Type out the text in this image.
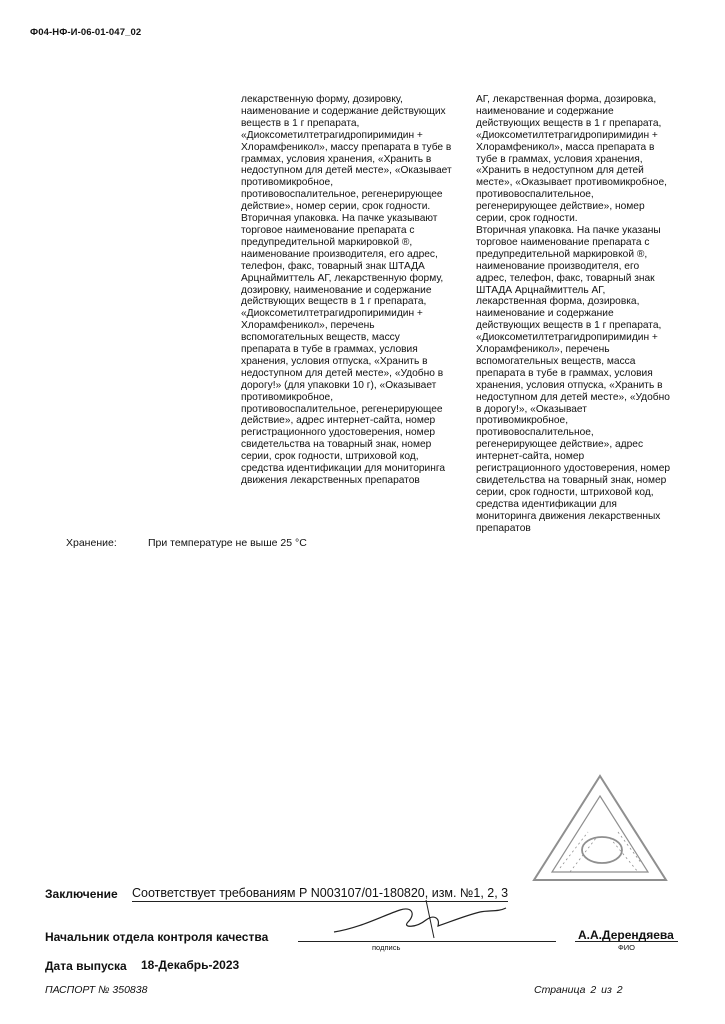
Ф04-НФ-И-06-01-047_02
лекарственную форму, дозировку,
наименование и содержание действующих
веществ в 1 г препарата,
«Диоксометилтетрагидропиримидин +
Хлорамфеникол», массу препарата в тубе в
граммах, условия хранения, «Хранить в
недоступном для детей месте», «Оказывает
противомикробное,
противовоспалительное, регенерирующее
действие», номер серии, срок годности.
Вторичная упаковка. На пачке указывают
торговое наименование препарата с
предупредительной маркировкой ®,
наименование производителя, его адрес,
телефон, факс, товарный знак ШТАДА
Арцнаймиттель АГ, лекарственную форму,
дозировку, наименование и содержание
действующих веществ в 1 г препарата,
«Диоксометилтетрагидропиримидин +
Хлорамфеникол», перечень
вспомогательных веществ, массу
препарата в тубе в граммах, условия
хранения, условия отпуска, «Хранить в
недоступном для детей месте», «Удобно в
дорогу!» (для упаковки 10 г), «Оказывает
противомикробное,
противовоспалительное, регенерирующее
действие», адрес интернет-сайта, номер
регистрационного удостоверения, номер
свидетельства на товарный знак, номер
серии, срок годности, штриховой код,
средства идентификации для мониторинга
движения лекарственных препаратов
АГ, лекарственная форма, дозировка,
наименование и содержание
действующих веществ в 1 г препарата,
«Диоксометилтетрагидропиримидин +
Хлорамфеникол», масса препарата в
тубе в граммах, условия хранения,
«Хранить в недоступном для детей
месте», «Оказывает противомикробное,
противовоспалительное,
регенерирующее действие», номер
серии, срок годности.
Вторичная упаковка. На пачке указаны
торговое наименование препарата с
предупредительной маркировкой ®,
наименование производителя, его
адрес, телефон, факс, товарный знак
ШТАДА Арцнаймиттель АГ,
лекарственная форма, дозировка,
наименование и содержание
действующих веществ в 1 г препарата,
«Диоксометилтетрагидропиримидин +
Хлорамфеникол», перечень
вспомогательных веществ, масса
препарата в тубе в граммах, условия
хранения, условия отпуска, «Хранить в
недоступном для детей месте», «Удобно
в дорогу!», «Оказывает
противомикробное,
противовоспалительное,
регенерирующее действие», адрес
интернет-сайта, номер
регистрационного удостоверения, номер
свидетельства на товарный знак, номер
серии, срок годности, штриховой код,
средства идентификации для
мониторинга движения лекарственных
препаратов
Хранение:	При температуре не выше 25 °С
Заключение Соответствует требованиям Р N003107/01-180820, изм. №1, 2, 3
Начальник отдела контроля качества
подпись
А.А.Дерендяева
ФИО
Дата выпуска 18-Декабрь-2023
ПАСПОРТ № 350838	Страница 2 из 2
